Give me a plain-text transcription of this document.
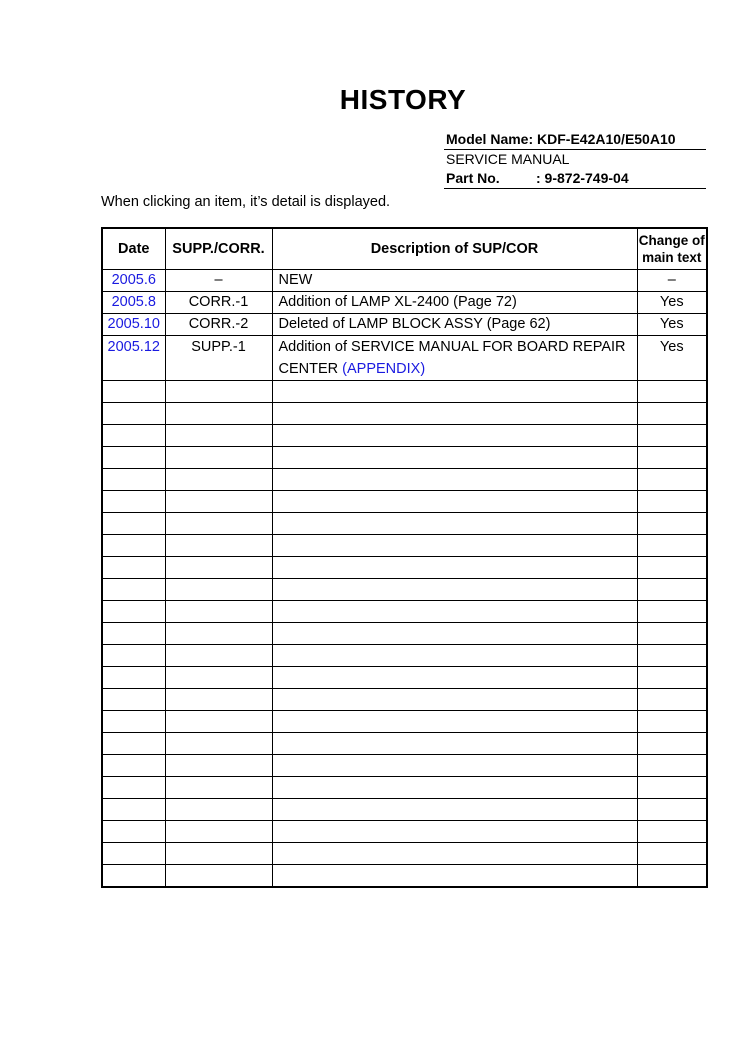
HISTORY
Model Name: KDF-E42A10/E50A10
SERVICE MANUAL
Part No.	: 9-872-749-04
When clicking an item, it’s detail is displayed.
Date	SUPP./CORR.	Description of SUP/COR	Change of
main text
2005.6	–	NEW	–
2005.8	CORR.-1	Addition of LAMP XL-2400 (Page 72)	Yes
2005.10	CORR.-2	Deleted of LAMP BLOCK ASSY (Page 62)	Yes
2005.12	SUPP.-1	Addition of SERVICE MANUAL FOR BOARD REPAIR
CENTER (APPENDIX)	Yes
